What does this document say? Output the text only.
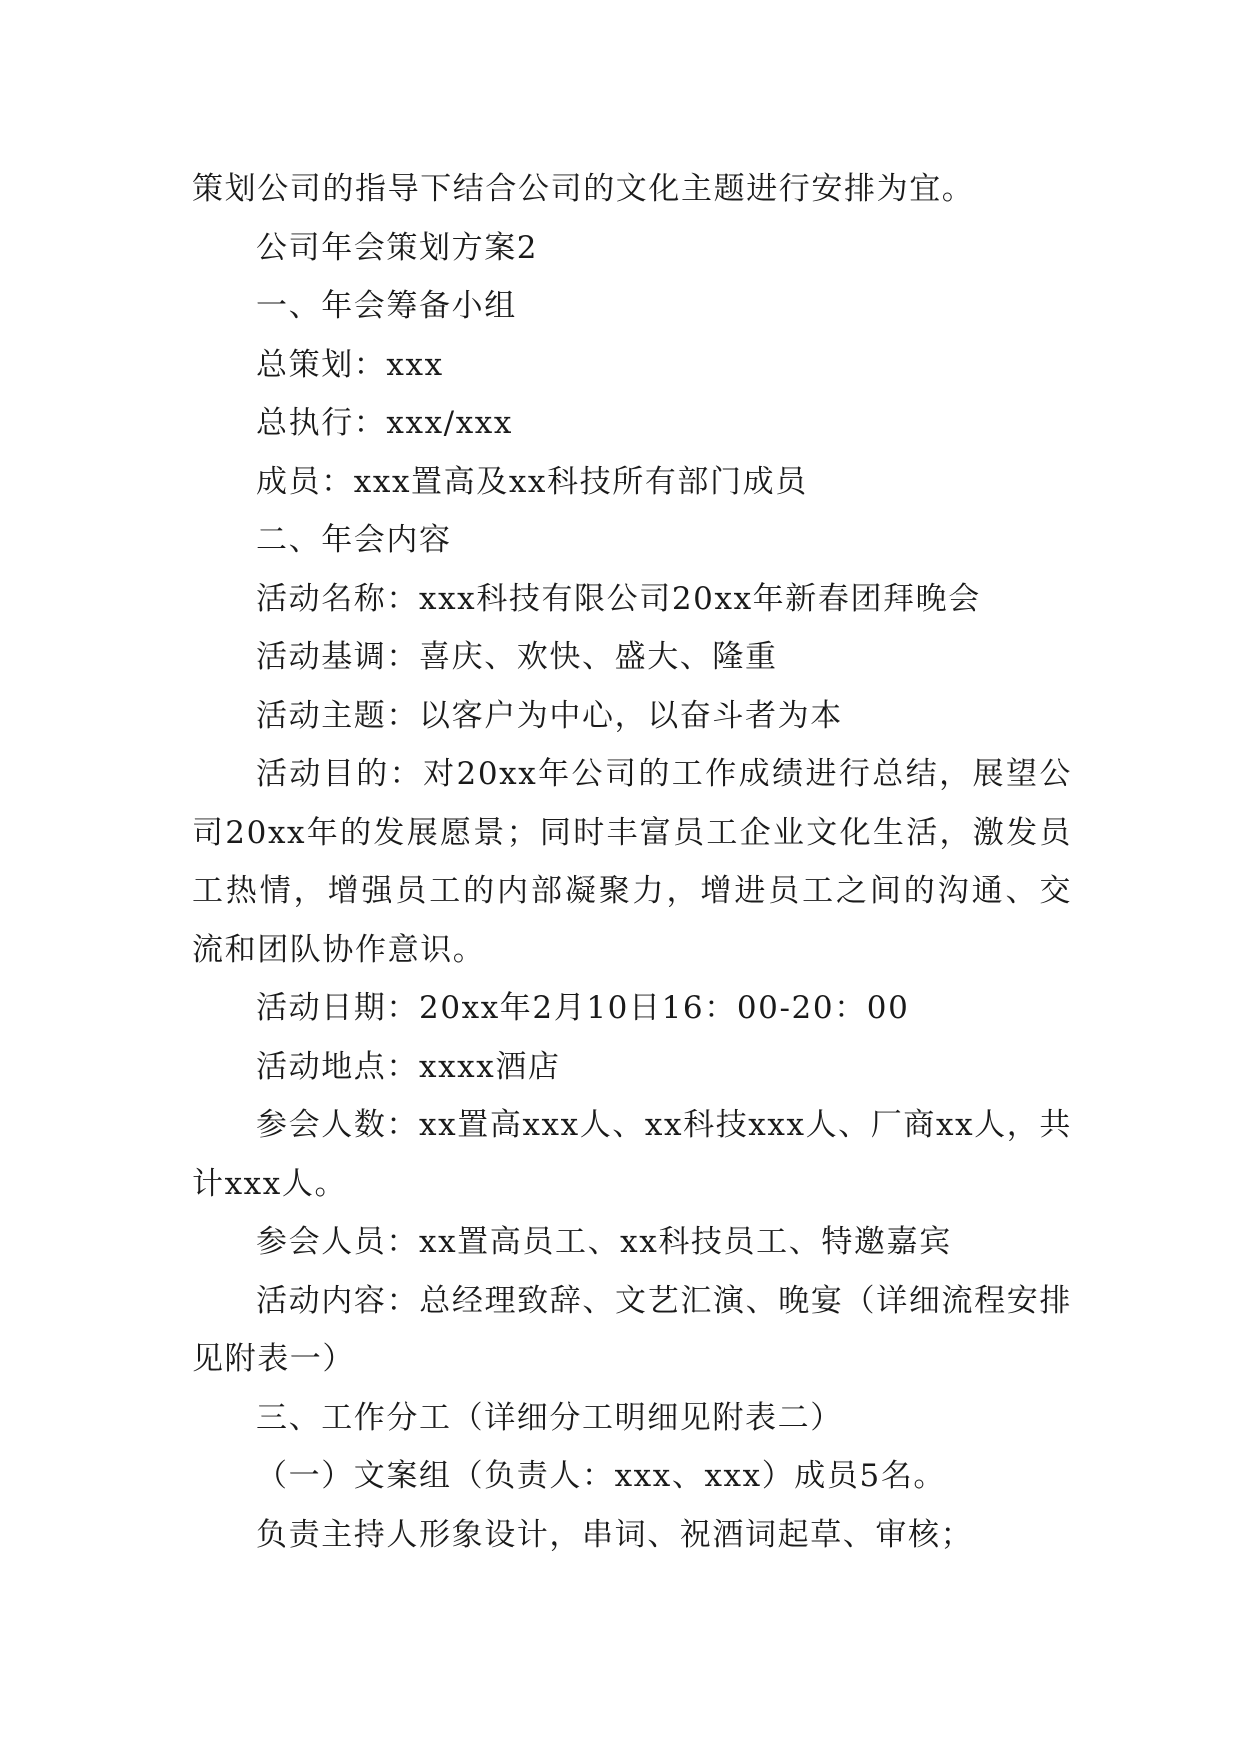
策划公司的指导下结合公司的文化主题进行安排为宜。

公司年会策划方案2

一、年会筹备小组

总策划：xxx

总执行：xxx/xxx

成员：xxx置高及xx科技所有部门成员

二、年会内容

活动名称：xxx科技有限公司20xx年新春团拜晚会

活动基调：喜庆、欢快、盛大、隆重

活动主题：以客户为中心，以奋斗者为本

活动目的：对20xx年公司的工作成绩进行总结，展望公司20xx年的发展愿景；同时丰富员工企业文化生活，激发员工热情，增强员工的内部凝聚力，增进员工之间的沟通、交流和团队协作意识。

活动日期：20xx年2月10日16：00-20：00

活动地点：xxxx酒店

参会人数：xx置高xxx人、xx科技xxx人、厂商xx人，共计xxx人。

参会人员：xx置高员工、xx科技员工、特邀嘉宾

活动内容：总经理致辞、文艺汇演、晚宴（详细流程安排见附表一）

三、工作分工（详细分工明细见附表二）

（一）文案组（负责人：xxx、xxx）成员5名。

负责主持人形象设计，串词、祝酒词起草、审核；
